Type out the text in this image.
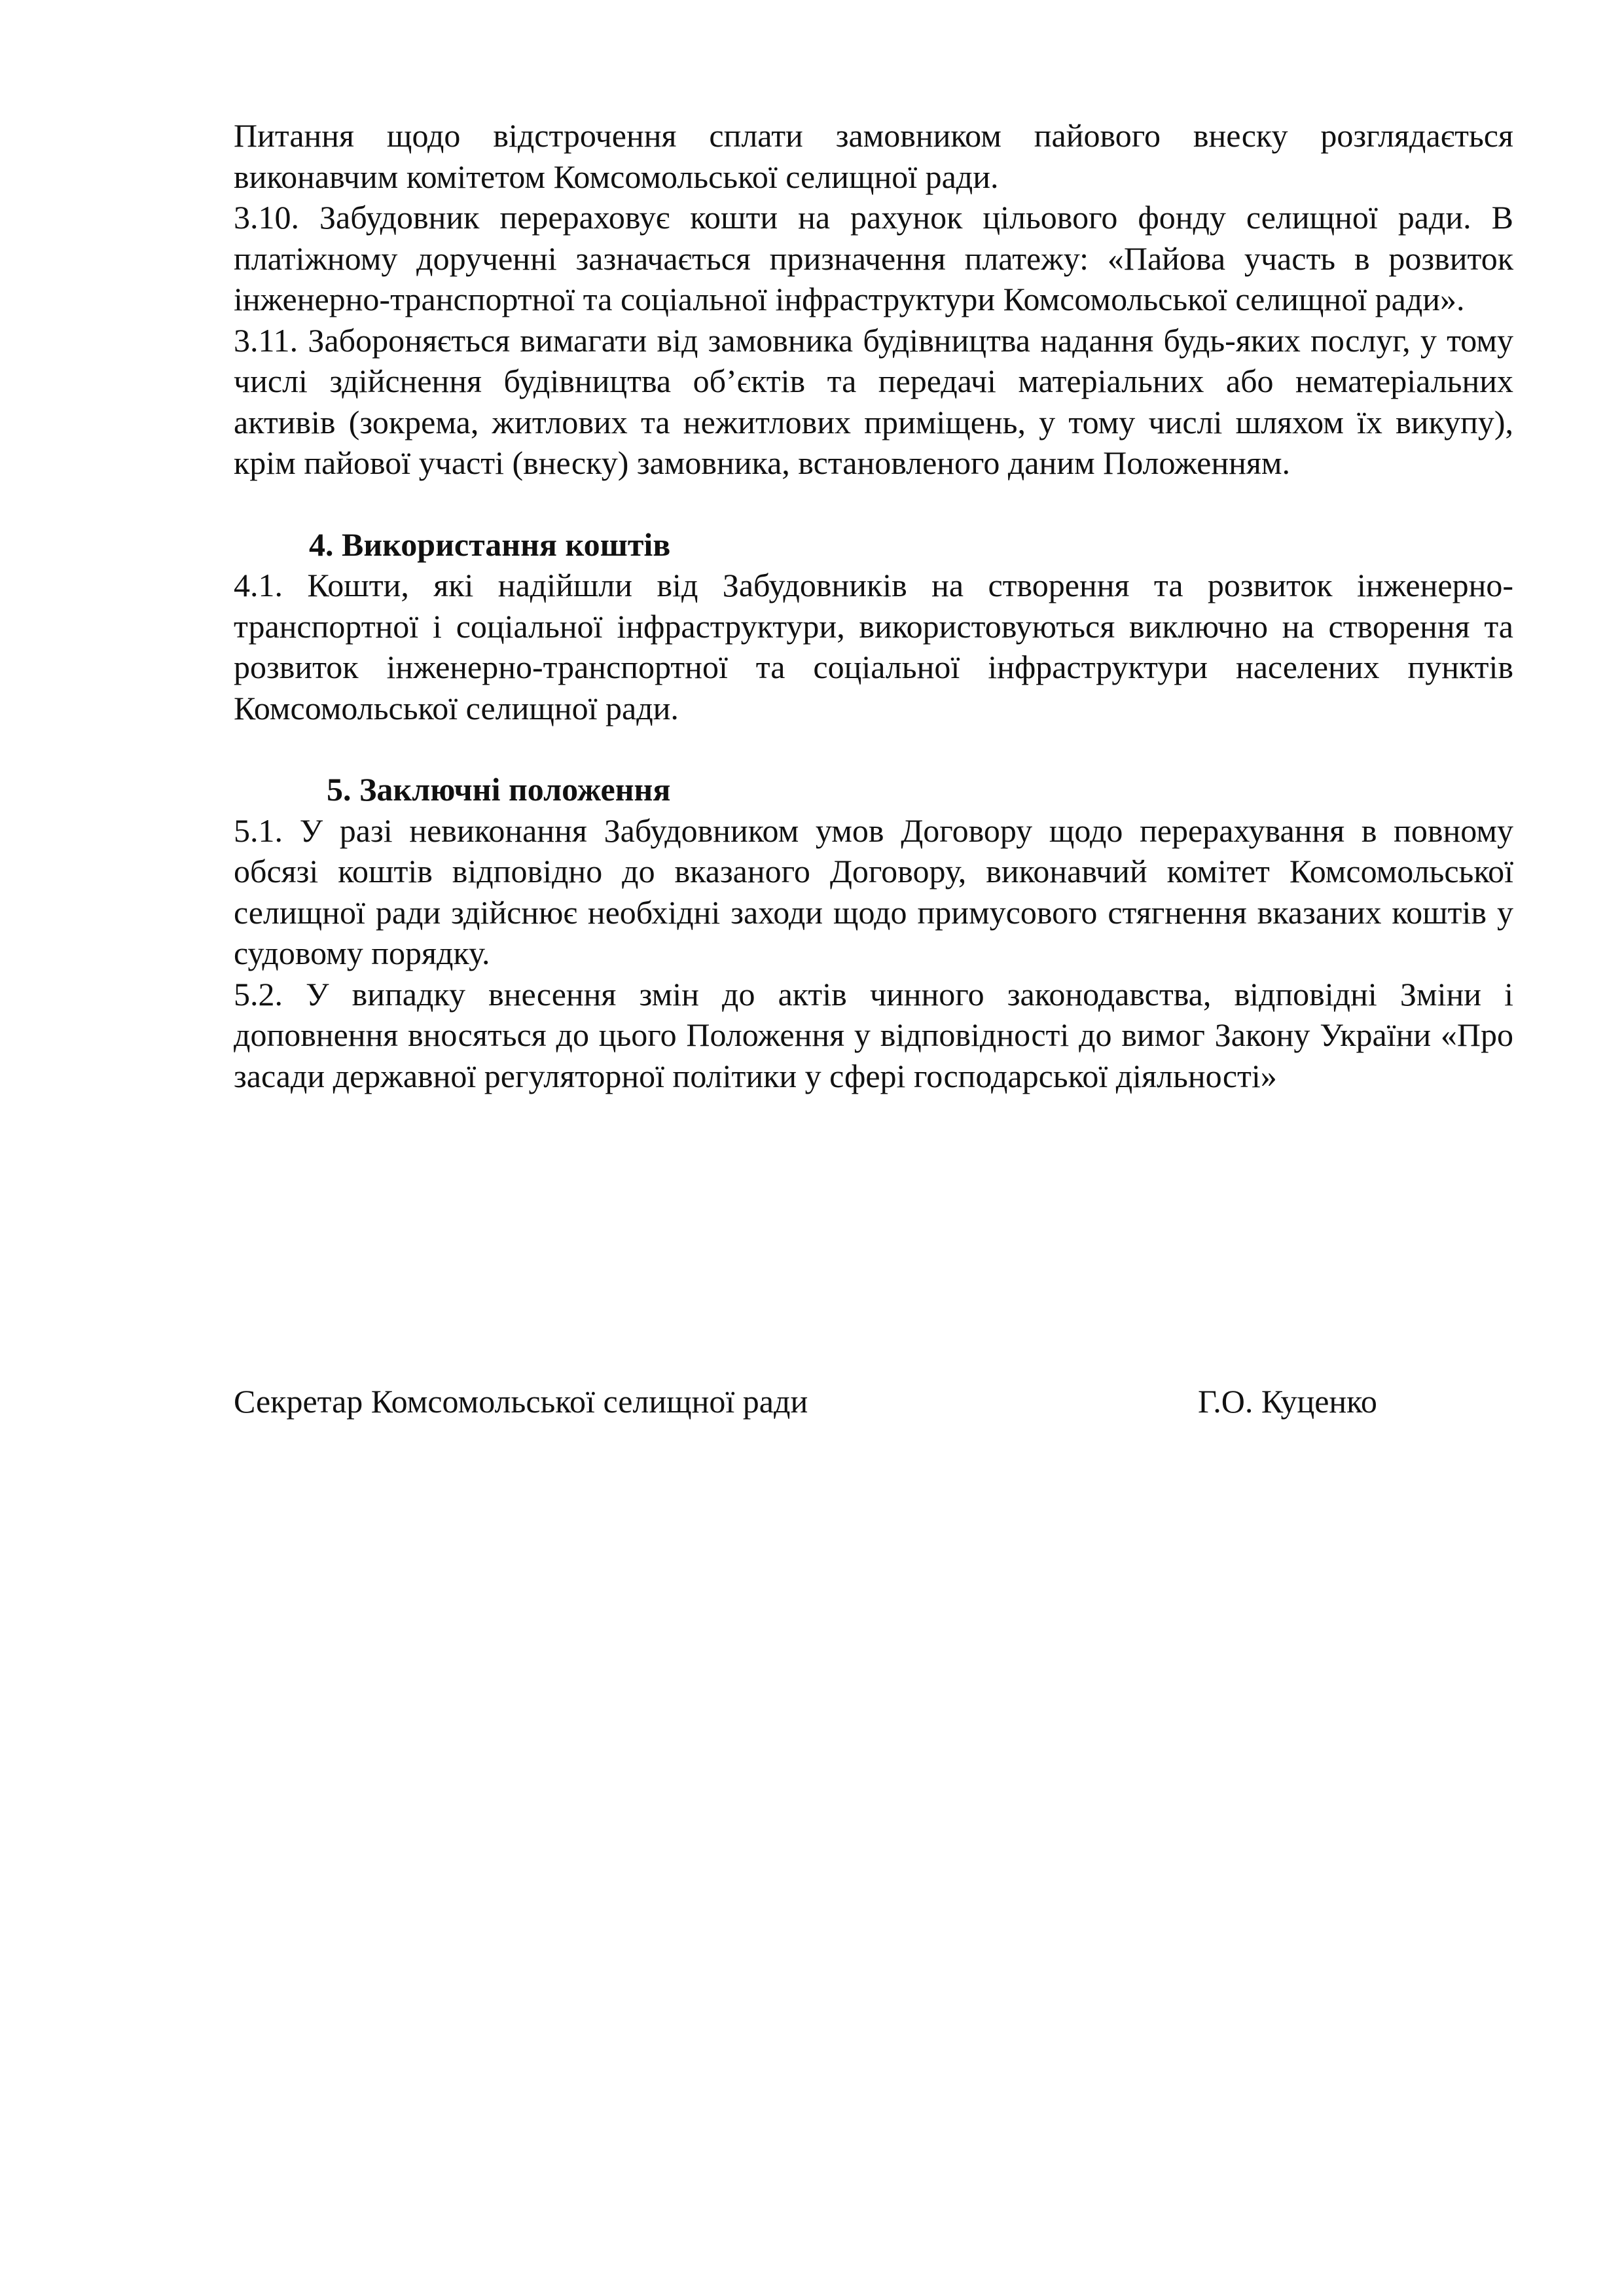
Питання щодо відстрочення сплати замовником пайового внеску розглядається виконавчим комітетом Комсомольської селищної ради.

3.10. Забудовник перераховує кошти на рахунок цільового фонду селищної ради. В платіжному дорученні зазначається призначення платежу: «Пайова участь в розвиток інженерно-транспортної та соціальної інфраструктури Комсомольської селищної ради».

3.11. Забороняється вимагати від замовника будівництва надання будь-яких послуг, у тому числі здійснення будівництва об’єктів та передачі матеріальних або нематеріальних активів (зокрема, житлових та нежитлових приміщень, у тому числі шляхом їх викупу), крім пайової участі (внеску) замовника, встановленого даним Положенням.

4. Використання коштів

4.1. Кошти, які надійшли від Забудовників на створення та розвиток інженерно-транспортної і соціальної інфраструктури, використовуються виключно на створення та розвиток інженерно-транспортної та соціальної інфраструктури населених пунктів Комсомольської селищної ради.

5. Заключні положення

5.1. У разі невиконання Забудовником умов Договору щодо перерахування в повному обсязі коштів відповідно до вказаного Договору, виконавчий комітет Комсомольської селищної ради здійснює необхідні заходи щодо примусового стягнення вказаних коштів у судовому порядку.

5.2. У випадку внесення змін до актів чинного законодавства, відповідні Зміни і доповнення вносяться до цього Положення у відповідності до вимог Закону України «Про засади державної регуляторної політики у сфері господарської діяльності»

Секретар Комсомольської селищної ради	Г.О. Куценко
